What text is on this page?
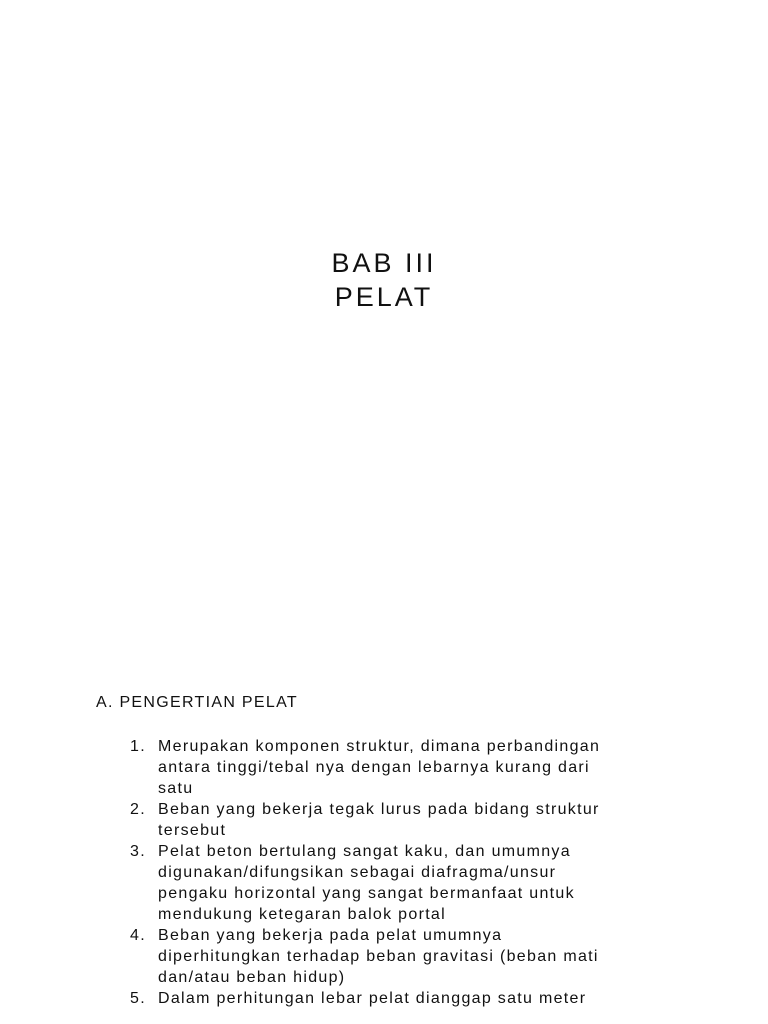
BAB III
PELAT
A. PENGERTIAN PELAT
1. Merupakan komponen struktur, dimana perbandingan
antara tinggi/tebal nya dengan lebarnya kurang dari
satu
2. Beban yang bekerja tegak lurus pada bidang struktur
tersebut
3. Pelat beton bertulang sangat kaku, dan umumnya
digunakan/difungsikan sebagai diafragma/unsur
pengaku horizontal yang sangat bermanfaat untuk
mendukung ketegaran balok portal
4. Beban yang bekerja pada pelat umumnya
diperhitungkan terhadap beban gravitasi (beban mati
dan/atau beban hidup)
5. Dalam perhitungan lebar pelat dianggap satu meter
